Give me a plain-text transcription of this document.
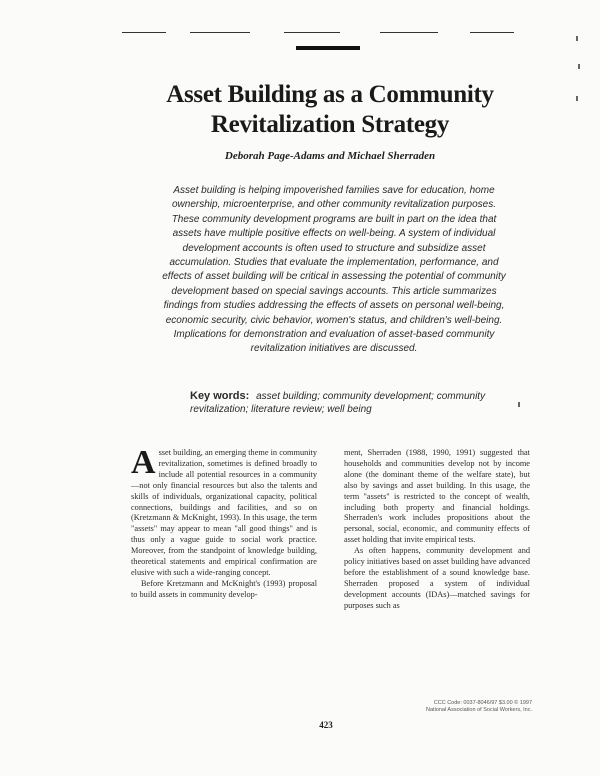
Asset Building as a Community
Revitalization Strategy

Deborah Page-Adams and Michael Sherraden

Asset building is helping impoverished families save for education, home ownership, microenterprise, and other community revitalization purposes. These community development programs are built in part on the idea that assets have multiple positive effects on well-being. A system of individual development accounts is often used to structure and subsidize asset accumulation. Studies that evaluate the implementation, performance, and effects of asset building will be critical in assessing the potential of community development based on special savings accounts. This article summarizes findings from studies addressing the effects of assets on personal well-being, economic security, civic behavior, women's status, and children's well-being. Implications for demonstration and evaluation of asset-based community revitalization initiatives are discussed.

Key words: asset building; community development; community revitalization; literature review; well being

A sset building, an emerging theme in community revitalization, sometimes is defined broadly to include all potential resources in a community—not only financial resources but also the talents and skills of individuals, organizational capacity, political connections, buildings and facilities, and so on (Kretzmann & McKnight, 1993). In this usage, the term "assets" may appear to mean "all good things" and is thus only a vague guide to social work practice. Moreover, from the standpoint of knowledge building, theoretical statements and empirical confirmation are elusive with such a wide-ranging concept.

Before Kretzmann and McKnight's (1993) proposal to build assets in community develop-

ment, Sherraden (1988, 1990, 1991) suggested that households and communities develop not by income alone (the dominant theme of the welfare state), but also by savings and asset building. In this usage, the term "assets" is restricted to the concept of wealth, including both property and financial holdings. Sherraden's work includes propositions about the personal, social, economic, and community effects of asset holding that invite empirical tests.

As often happens, community development and policy initiatives based on asset building have advanced before the establishment of a sound knowledge base. Sherraden proposed a system of individual development accounts (IDAs)—matched savings for purposes such as

CCC Code: 0037-8046/97 $3.00 © 1997
National Association of Social Workers, Inc.

423
